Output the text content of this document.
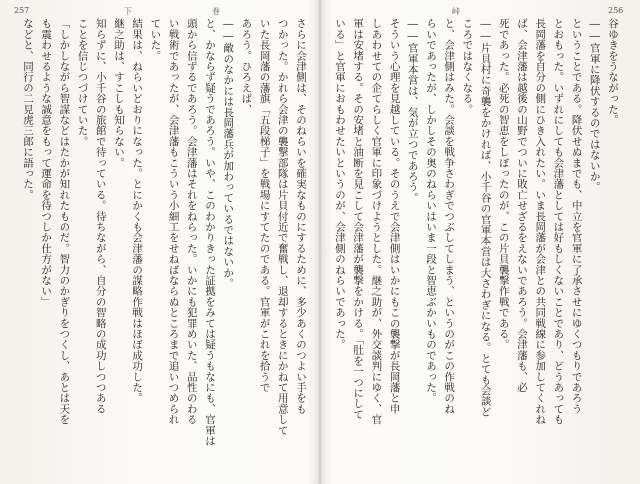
257	下	巻	峠	256
さらに会津側は、そのねらいを確実なものにするために、多少あくのつよい手をも
つかった。かれら会津の襲撃部隊は片貝付近で奮戦し、退却するときにかねて用意して
いた長岡藩の藩旗「五段梯子」を戦場にすてたのである。官軍がこれを拾うで
あろう。ひろえば、
――敵のなかには長岡藩兵が加わっているではないか。
と、かならず疑うであろう。いや、このわかりきった証拠をみては疑うもなにも、官軍は
頭から信ずるであろう。会津藩はそれをねらった。いかにも犯罪めいた、品性のわる
い戦術であったが、会津藩もこういう小細工をせねばならぬところまで追いつめられ
ていた。
結果は、ねらいどおりになった。とにかくも会津藩の謀略作戦はほぼ成功した。
継之助は、すこしも知らない。
知らずに、小千谷の旅館で待っている。待ちながら、自分の智略の成功しつつある
ことを信じつづけていた。
「しかしながら智謀などはたかが知れたものだ。智力のかぎりをつくし、あとは天を
も震わせるような誠意をもって運命を待つしか仕方がない」
などと、同行の二見虎三郎に語った。	谷ゆきをうながった。
――官軍に降伏するのではないか。
ということである。降伏せぬまでも、中立を官軍に了承させにゆくつもりであろう
とおもった。いずれにしても会津藩としては好もしくないことであり、どうあっても
長岡藩を自分の側にひき入れたい。いま長岡藩が会津との共同戦線に参加してくれね
ば、会津藩は越後の山野でついに敗亡せざるをえないであろう。会津藩も、必
死であった。必死の智恵をしぼったのが、この片貝襲撃作戦である。
――片貝村に奇襲をかければ、小千谷の官軍本営は大さわぎになる。とても会談ど
ころではなくなる。
と、会津側はみた。会談を戦争さわぎでつぶしてしまう、というのがこの作戦のね
らいであったが、しかしその奥のねらいはいま一段と智恵ぶかいものであった。
――官軍本営は、気が立つであろう。
そういう心理を見越している。そのうえで会津側はいかにもこの襲撃が長岡藩と申
しあわせての企てらしく官軍に印象づけようとした。継之助が、外交談判にゆく、官
軍は安堵する。その安堵と油断を見こして会津藩が襲撃をかける。「肚を一つにして
いる」と官軍におもわせたいというのが、会津側のねらいであった。
